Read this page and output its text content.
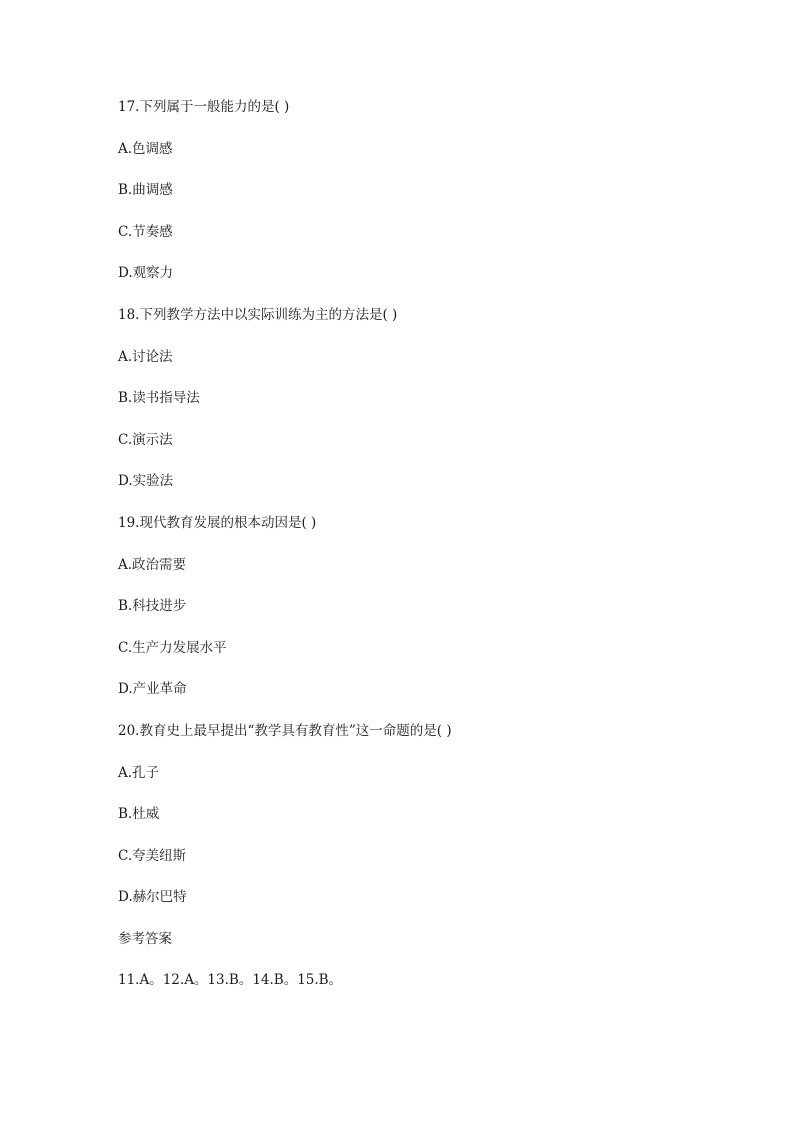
17.下列属于一般能力的是( )
A.色调感
B.曲调感
C.节奏感
D.观察力
18.下列教学方法中以实际训练为主的方法是( )
A.讨论法
B.读书指导法
C.演示法
D.实验法
19.现代教育发展的根本动因是( )
A.政治需要
B.科技进步
C.生产力发展水平
D.产业革命
20.教育史上最早提出“教学具有教育性”这一命题的是( )
A.孔子
B.杜威
C.夸美纽斯
D.赫尔巴特
参考答案
11.A。12.A。13.B。14.B。15.B。
